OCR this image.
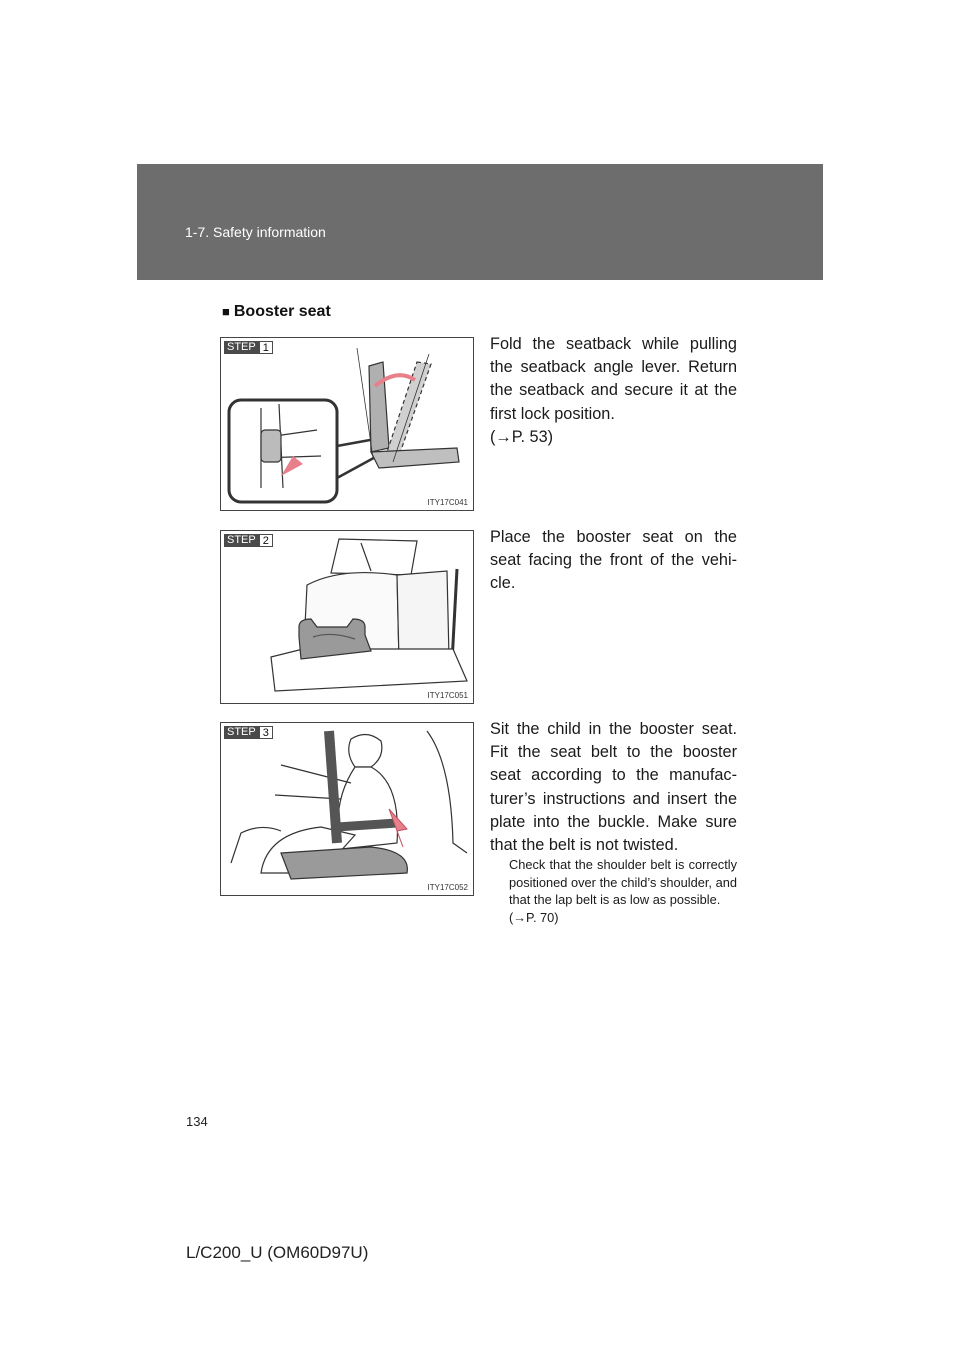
1-7. Safety information
■ Booster seat
STEP 1
ITY17C041
Fold the seatback while pulling the seatback angle lever. Return the seatback and secure it at the first lock position.
(→P. 53)
STEP 2
ITY17C051
Place the booster seat on the seat facing the front of the vehi-cle.
STEP 3
ITY17C052
Sit the child in the booster seat. Fit the seat belt to the booster seat according to the manufac-turer’s instructions and insert the plate into the buckle. Make sure that the belt is not twisted.
Check that the shoulder belt is correctly positioned over the child’s shoulder, and that the lap belt is as low as possible.
(→P. 70)
134
L/C200_U (OM60D97U)
